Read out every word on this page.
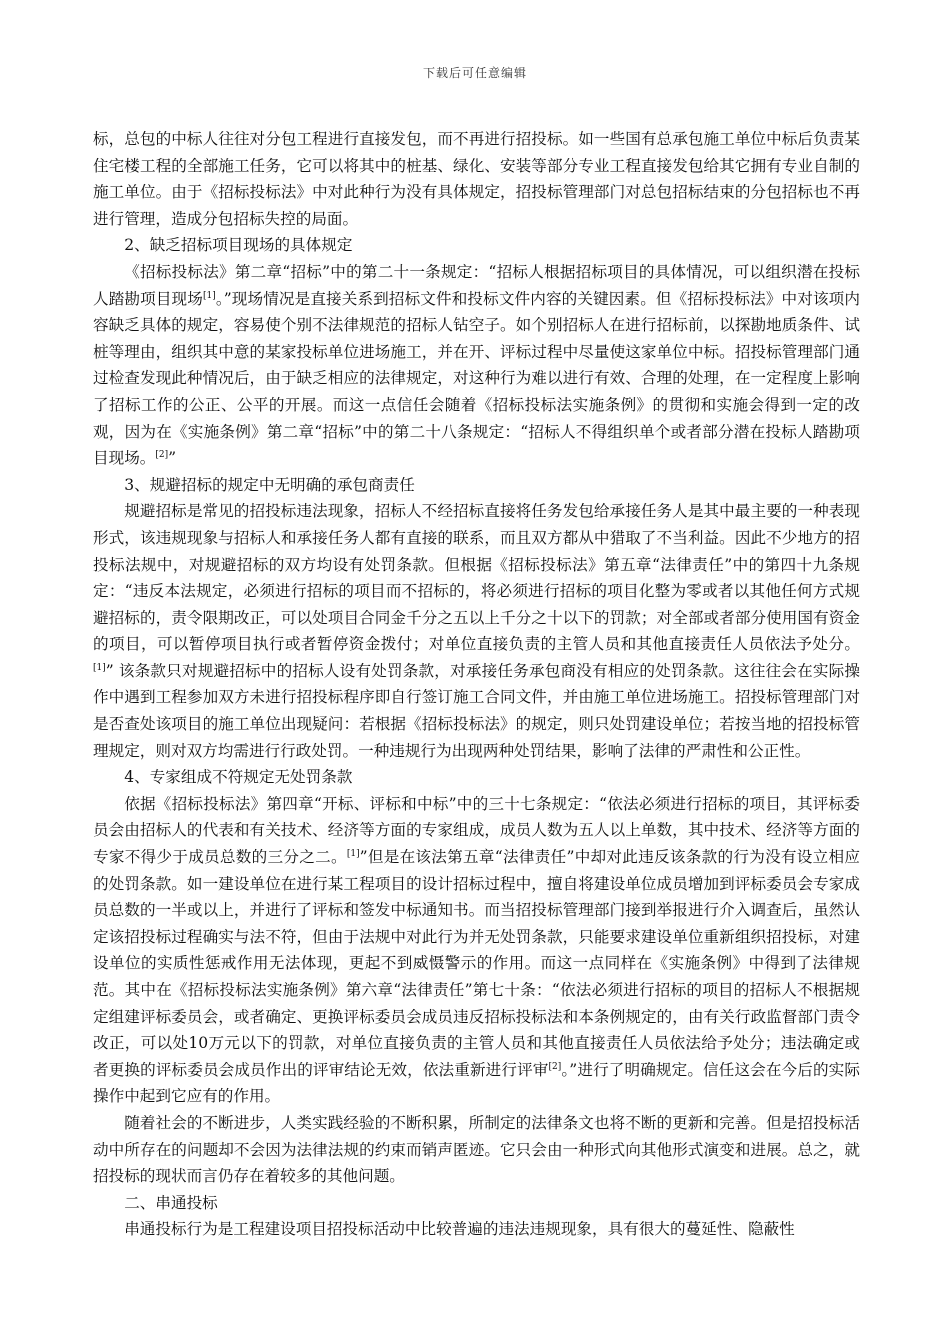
下载后可任意编辑

标，总包的中标人往往对分包工程进行直接发包，而不再进行招投标。如一些国有总承包施工单位中标后负责某住宅楼工程的全部施工任务，它可以将其中的桩基、绿化、安装等部分专业工程直接发包给其它拥有专业自制的施工单位。由于《招标投标法》中对此种行为没有具体规定，招投标管理部门对总包招标结束的分包招标也不再进行管理，造成分包招标失控的局面。

2、缺乏招标项目现场的具体规定

《招标投标法》第二章“招标”中的第二十一条规定：“招标人根据招标项目的具体情况，可以组织潜在投标人踏勘项目现场[1]。”现场情况是直接关系到招标文件和投标文件内容的关键因素。但《招标投标法》中对该项内容缺乏具体的规定，容易使个别不法律规范的招标人钻空子。如个别招标人在进行招标前，以探勘地质条件、试桩等理由，组织其中意的某家投标单位进场施工，并在开、评标过程中尽量使这家单位中标。招投标管理部门通过检查发现此种情况后，由于缺乏相应的法律规定，对这种行为难以进行有效、合理的处理，在一定程度上影响了招标工作的公正、公平的开展。而这一点信任会随着《招标投标法实施条例》的贯彻和实施会得到一定的改观，因为在《实施条例》第二章“招标”中的第二十八条规定：“招标人不得组织单个或者部分潜在投标人踏勘项目现场。[2]”

3、规避招标的规定中无明确的承包商责任

规避招标是常见的招投标违法现象，招标人不经招标直接将任务发包给承接任务人是其中最主要的一种表现形式，该违规现象与招标人和承接任务人都有直接的联系，而且双方都从中猎取了不当利益。因此不少地方的招投标法规中，对规避招标的双方均设有处罚条款。但根据《招标投标法》第五章“法律责任”中的第四十九条规定：“违反本法规定，必须进行招标的项目而不招标的，将必须进行招标的项目化整为零或者以其他任何方式规避招标的，责令限期改正，可以处项目合同金千分之五以上千分之十以下的罚款；对全部或者部分使用国有资金的项目，可以暂停项目执行或者暂停资金拨付；对单位直接负责的主管人员和其他直接责任人员依法予处分。[1]” 该条款只对规避招标中的招标人设有处罚条款，对承接任务承包商没有相应的处罚条款。这往往会在实际操作中遇到工程参加双方未进行招投标程序即自行签订施工合同文件，并由施工单位进场施工。招投标管理部门对是否查处该项目的施工单位出现疑问：若根据《招标投标法》的规定，则只处罚建设单位；若按当地的招投标管理规定，则对双方均需进行行政处罚。一种违规行为出现两种处罚结果，影响了法律的严肃性和公正性。

4、专家组成不符规定无处罚条款

依据《招标投标法》第四章“开标、评标和中标”中的三十七条规定：“依法必须进行招标的项目，其评标委员会由招标人的代表和有关技术、经济等方面的专家组成，成员人数为五人以上单数，其中技术、经济等方面的专家不得少于成员总数的三分之二。[1]”但是在该法第五章“法律责任”中却对此违反该条款的行为没有设立相应的处罚条款。如一建设单位在进行某工程项目的设计招标过程中，擅自将建设单位成员增加到评标委员会专家成员总数的一半或以上，并进行了评标和签发中标通知书。而当招投标管理部门接到举报进行介入调查后，虽然认定该招投标过程确实与法不符，但由于法规中对此行为并无处罚条款，只能要求建设单位重新组织招投标，对建设单位的实质性惩戒作用无法体现，更起不到威慑警示的作用。而这一点同样在《实施条例》中得到了法律规范。其中在《招标投标法实施条例》第六章“法律责任”第七十条：“依法必须进行招标的项目的招标人不根据规定组建评标委员会，或者确定、更换评标委员会成员违反招标投标法和本条例规定的，由有关行政监督部门责令改正，可以处10万元以下的罚款，对单位直接负责的主管人员和其他直接责任人员依法给予处分；违法确定或者更换的评标委员会成员作出的评审结论无效，依法重新进行评审[2]。”进行了明确规定。信任这会在今后的实际操作中起到它应有的作用。

随着社会的不断进步，人类实践经验的不断积累，所制定的法律条文也将不断的更新和完善。但是招投标活动中所存在的问题却不会因为法律法规的约束而销声匿迹。它只会由一种形式向其他形式演变和进展。总之，就招投标的现状而言仍存在着较多的其他问题。

二、串通投标

串通投标行为是工程建设项目招投标活动中比较普遍的违法违规现象，具有很大的蔓延性、隐蔽性
